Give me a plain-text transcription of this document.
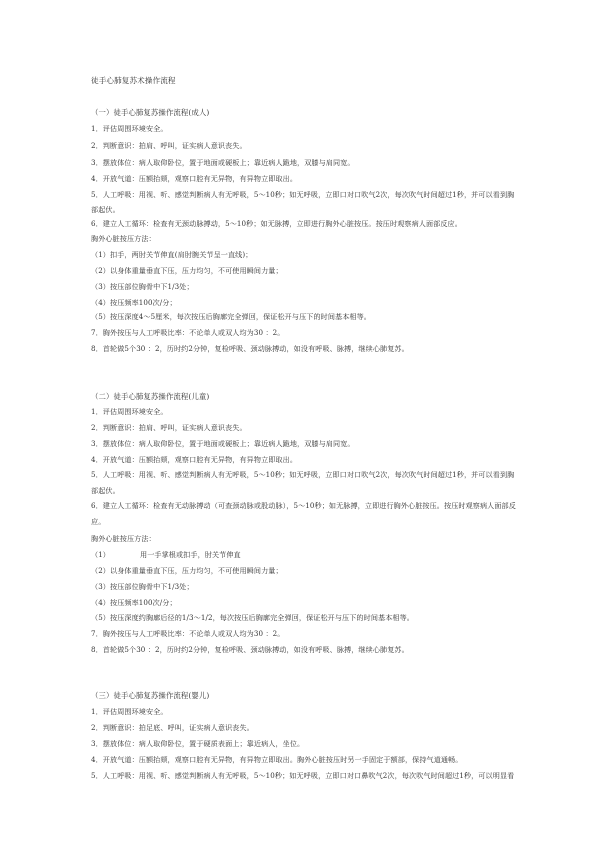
徒手心肺复苏术操作流程
（一）徒手心肺复苏操作流程(成人)
1．评估周围环境安全。
2．判断意识：拍肩、呼叫，证实病人意识丧失。
3．摆放体位：病人取仰卧位，置于地面或硬板上；靠近病人跪地，双膝与肩同宽。
4．开放气道：压额抬颏，观察口腔有无异物，有异物立即取出。
5．人工呼吸：用视、听、感觉判断病人有无呼吸，5～10秒；如无呼吸，立即口对口吹气2次，每次吹气时间超过1秒，并可以看到胸
部起伏。
6．建立人工循环：检查有无颈动脉搏动，5～10秒；如无脉搏，立即进行胸外心脏按压。按压时观察病人面部反应。
胸外心脏按压方法：
（1）扣手，两肘关节伸直(肩肘腕关节呈一直线)；
（2）以身体重量垂直下压，压力均匀，不可使用瞬间力量；
（3）按压部位胸骨中下1/3处；
（4）按压频率100次/分；
（5）按压深度4～5厘米，每次按压后胸廓完全弹回，保证松开与压下的时间基本相等。
7．胸外按压与人工呼吸比率：不论单人或双人均为30 ：2。
8．首轮做5个30 ：2，历时约2分钟，复检呼吸、颈动脉搏动，如没有呼吸、脉搏，继续心肺复苏。
（二）徒手心肺复苏操作流程(儿童)
1．评估周围环境安全。
2．判断意识：拍肩、呼叫，证实病人意识丧失。
3．摆放体位：病人取仰卧位，置于地面或硬板上；靠近病人跪地，双膝与肩同宽。
4．开放气道：压额抬颏，观察口腔有无异物，有异物立即取出。
5．人工呼吸：用视、听、感觉判断病人有无呼吸，5～10秒；如无呼吸，立即口对口吹气2次，每次吹气时间超过1秒，并可以看到胸
部起伏。
6．建立人工循环：检查有无动脉搏动（可查颈动脉或股动脉），5～10秒；如无脉搏，立即进行胸外心脏按压。按压时观察病人面部反
应。
胸外心脏按压方法：
（1）	用一手掌根或扣手，肘关节伸直
（2）以身体重量垂直下压，压力均匀，不可使用瞬间力量；
（3）按压部位胸骨中下1/3处；
（4）按压频率100次/分；
（5）按压深度约胸廓后径的1/3～1/2，每次按压后胸廓完全弹回，保证松开与压下的时间基本相等。
7．胸外按压与人工呼吸比率：不论单人或双人均为30 ：2。
8．首轮做5个30 ：2，历时约2分钟，复检呼吸、颈动脉搏动，如没有呼吸、脉搏，继续心肺复苏。
（三）徒手心肺复苏操作流程(婴儿)
1．评估周围环境安全。
2．判断意识：拍足底、呼叫，证实病人意识丧失。
3．摆放体位：病人取仰卧位，置于硬质表面上；靠近病人，坐位。
4．开放气道：压额抬颏，观察口腔有无异物，有异物立即取出。胸外心脏按压时另一手固定于额部，保持气道通畅。
5．人工呼吸：用视、听、感觉判断病人有无呼吸，5～10秒；如无呼吸，立即口对口鼻吹气2次，每次吹气时间超过1秒，可以明显看
